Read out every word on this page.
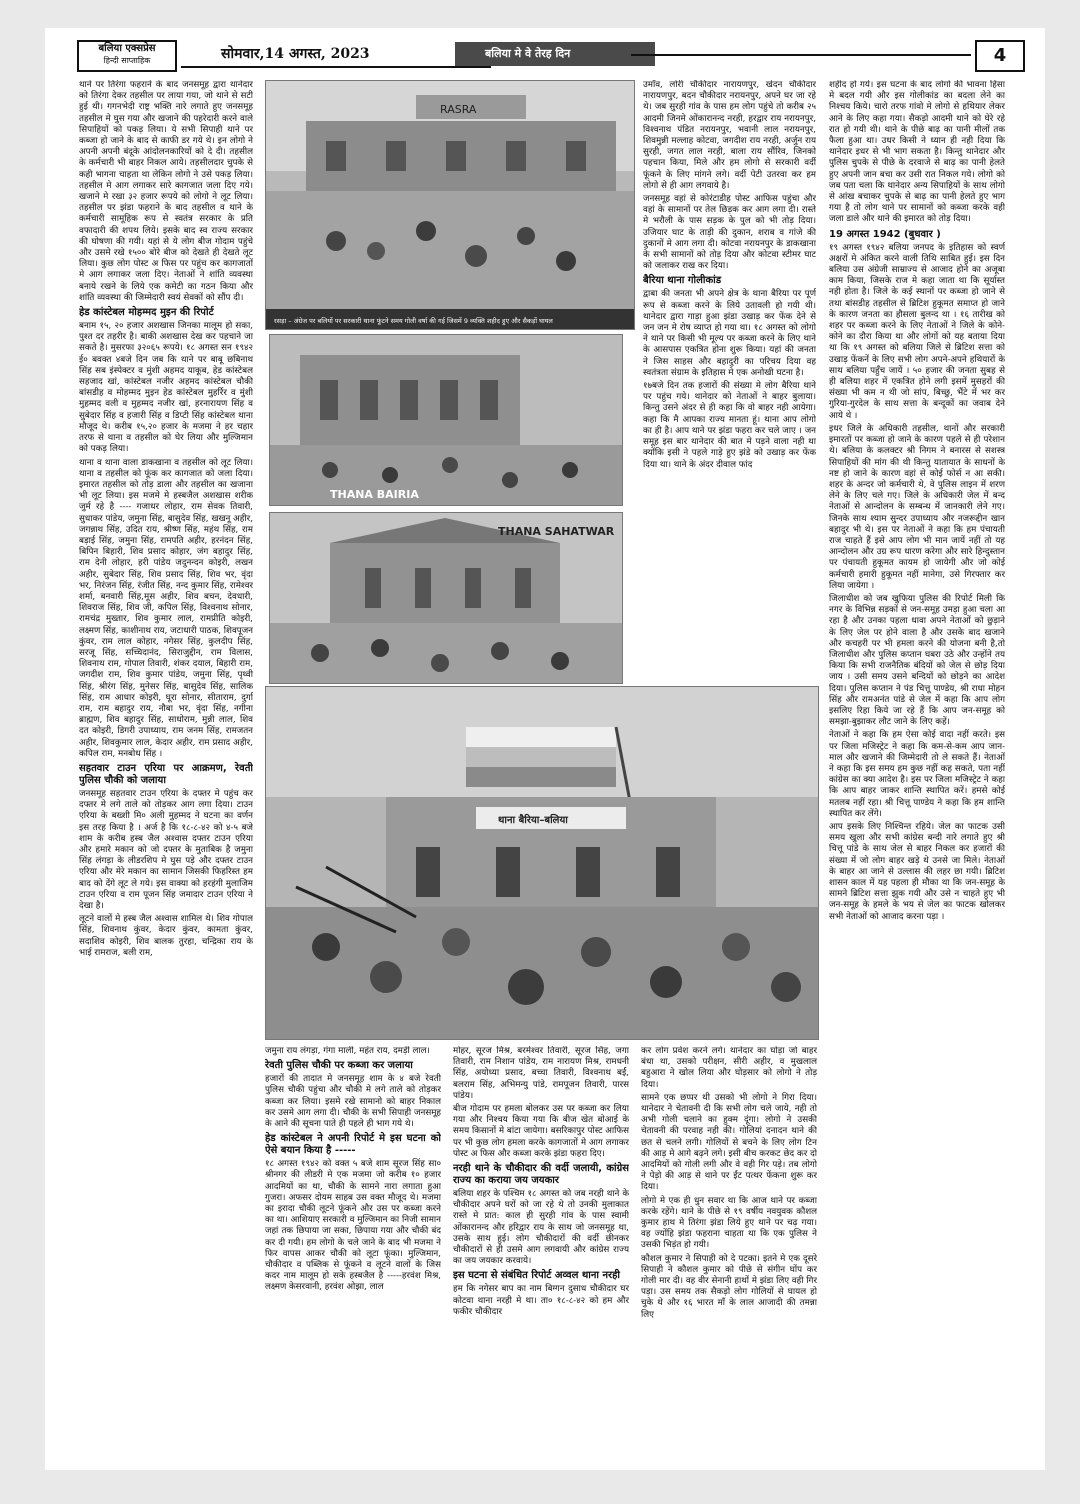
बलिया एक्सप्रेस
हिन्दी साप्ताहिक	सोमवार,14 अगस्त, 2023	बलिया मे वे तेरह दिन	4

थाने पर तिरंगा फहराने के बाद जनसमूह द्वारा थानेदार को तिरंगा देकर तहसील पर लाया गया, जो थाने से सटी हुई थी। गगनभेदी राष्ट्र भक्ति नारे लगाते हुए जनसमूह तहसील मे घुस गया और खजाने की पहरेदारी करने वाले सिपाहियों को पकड़ लिया। ये सभी सिपाही थाने पर कब्जा हो जाने के बाद से काफी डर गये थे। इन लोगो ने अपनी अपनी बंदूके आंदोलनकारियों को दे दी। तहसील के कर्मचारी भी बाहर निकल आये। तहसीलदार चुपके से कही भागना चाहता था लेकिन लोगो ने उसे पकड़ लिया। तहसील मे आग लगाकर सारे कागजात जला दिए गये। खजाने मे रखा ३२ हजार रूपये को लोगो ने लूट लिया। तहसील पर झंडा फहराने के बाद तहसील व थाने के कर्मचारी सामूहिक रूप से स्वतंत्र सरकार के प्रति वफादारी की शपथ लिये। इसके बाद स्व राज्य सरकार की घोषणा की गयी। यहां से ये लोग बीज गोदाम पहुंचे और उसमे रखे १५०० बोरे बीज को देखते ही देखते लूट लिया। कुछ लोग पोस्ट अ फिस पर पहुंच कर कागजातों मे आग लगाकर जला दिए। नेताओं ने शांति व्यवस्था बनाये रखने के लिये एक कमेटी का गठन किया और शांति व्यवस्था की जिम्मेदारी स्वयं सेवकों को सौंप दी।

हेड कांस्टेबल मोहम्मद मुइन की रिपोर्ट

बनाम १५, २० हजार अशखास जिनका मालूम हो सका, पुश्त दर तहरीर है। बाकी अशखास देख कर पहचाने जा सकते है। मुसरफा ३२०६५ रूपये। १८ अगस्त सन १९४२ ई० बवक्त ४बजे दिन जब कि थाने पर बाबू छबिनाथ सिंह सब इंस्पेक्टर व मुंशी अहमद याकूब, हेड कांस्टेबल सहजाद खां, कांस्टेबल नजीर अहमद कांस्टेबल चौकी बांसडीह व मोहम्मद मुइन हेड कांस्टेबल मुहर्रिर व मुंशी मुहम्मद वली व मुहम्मद नजीर खां, हरनारायण सिंह व सुबेदार सिंह व हजारी सिंह व डिप्टी सिंह कांस्टेबल थाना मौजूद थे। करीब १५,२० हजार के मजमा ने हर चहार तरफ से थाना व तहसील को घेर लिया और मुल्जिमान को पकड़ लिया।

थाना व थाना वाला डाकखाना व तहसील को लूट लिया। थाना व तहसील को फूंक कर कागजात को जला दिया। इमारत तहसील को तोड़ डाला और तहसील का खजाना भी लूट लिया। इस मजमे मे हस्बजैल अशखास शरीक जुर्म रहे है ---- गजाधर लोहार, राम सेवक तिवारी, सुधाकर पांडेय, जमुना सिंह, बासुदेव सिंह, खखनू अहीर, जगन्नाथ सिंह, उदित राय, श्रीष्ण सिंह, महंथ सिंह, राम बड़ाई सिंह, जमुना सिंह, रामपति अहीर, हरनंदन सिंह, बिपिन बिहारी, शिव प्रसाद कोहार, जंग बहादुर सिंह, राम देनी लोहार, हरी पांडेय जदुनन्दन कोइरी, लखन अहीर, सुबेदार सिंह, शिव प्रसाद सिंह, शिव भर, वृंदा भर, निरंजन सिंह, रंजीत सिंह, नन्द कुमार सिंह, रामेश्वर शर्मा, बनवारी सिंह,मूस अहीर, शिव बचन, देवधारी, शिवराज सिंह, शिव जी, कपिल सिंह, विश्वनाथ सोनार, रामचंद्र मुख्तार, शिव कुमार लाल, रामप्रीति कोइरी, लक्ष्मण सिंह, काशीनाथ राय, जटाधारी पाठक, शिवपूजन कुंवर, राम लाल कोहार, नगेसर सिंह, कुलदीप सिंह, सरजू सिंह, सच्चिदानंद, सिराजुद्दीन, राम विलास, शिवनाथ राम, गोपाल तिवारी, शंकर दयाल, बिहारी राम, जगदीश राम, शिव कुमार पांडेय, जमुना सिंह, पृथ्वी सिंह, श्रीरंग सिंह, मुनेसर सिंह, बासुदेव सिंह, सालिक सिंह, राम आधार कोइरी, घूरा सोनार, सीताराम, दुर्गा राम, राम बहादुर राय, नौबा भर, वृंदा सिंह, नगीना ब्राह्मण, शिव बहादुर सिंह, साधोराम, मुन्नी लाल, शिव दत कोइरी, डिगरी उपाध्याय, राम जनम सिंह, रामजतन अहीर, शिवकुमार लाल, केदार अहीर, राम प्रसाद अहीर, कपिल राम, मनबोध सिंह ।

सहतवार टाउन एरिया पर आक्रमण, रेवती पुलिस चौकी को जलाया

जनसमूह सहतवार टाउन एरिया के दफ्तर मे पहुंच कर दफ्तर मे लगे ताले को तोड़कर आग लगा दिया। टाउन एरिया के बख्शी मि० अली मुहम्मद ने घटना का वर्णन इस तरह किया है । अर्ज है कि १८-८-४२ को ४-५ बजे शाम के करीब हस्ब जैल अश्वास दफ्तर टाउन एरिया और हमारे मकान को जो दफ्तर के मुताबिक है जमुना सिंह लंगड़ा के लीडरशिप मे घुस पड़े और दफ्तर टाउन एरिया और मेरे मकान का सामान जिसकी फिहरिस्त हम बाद को देंगे लूट ले गये। इस वाक्या को हरहंगी मुलाजिम टाउन एरिया व राम पूजन सिंह जमादार टाउन एरिया ने देखा है।

लूटने वालों मे हस्ब जैल अश्वास शामिल थे। शिव गोपाल सिंह, शिवनाथ कुंवर, केदार कुंवर, कामता कुंवर, सदाशिव कोइरी, शिव बालक तुरहा, चन्द्रिका राय के भाई रामराज, बली राम,

RASRA
रसड़ा – अंग्रेज पर बलियों पर सरकारी थाना फूंटने समय गोली वर्षा की गई जिसमें 9 व्यक्ति शहीद हुए और सैकड़ों घायल
THANA BAIRIA
THANA SAHATWAR

उमाँव, लोरी चौकीदार नारायणपुर, खेदन चौकीदार नारायणपुर, बदन चौकीदार नरायनपुर, अपने घर जा रहे थे। जब सुरही गांव के पास हम लोग पहुंचे तो करीब २५ आदमी जिनमे ओंकारानन्द नरही, हरद्वार राय नरायनपुर, विश्वनाथ पंडित नरायनपुर, भवानी लाल नरायनपुर, शिवमुन्नी मल्लाह कोटवा, जगदीश राय नरही, अर्जुन राय सुरही, जगत लाल नरही, बाला राय सौंरिव, जिनको पहचान किया, मिले और हम लोगो से सरकारी वर्दी फूंकने के लिए मांगने लगे। वर्दी पेटी उतरवा कर हम लोगो से ही आग लगवाये है।

जनसमूह वहां से कोरंटाडीह पोस्ट आफिस पहुंचा और वहां के सामानों पर तेल छिड़क कर आग लगा दी। रास्ते मे भरौली के पास सड़क के पुल को भी तोड़ दिया। उजियार घाट के ताड़ी की दुकान, शराब व गांजे की दुकानों मे आग लगा दी। कोटवा नरायनपुर के डाकखाना के सभी सामानों को तोड़ दिया और कोटवा स्टीमर घाट को जलाकर राख कर दिया।

बैरिया थाना गोलीकांड

द्वाबा की जनता भी अपने क्षेत्र के थाना बैरिया पर पूर्ण रूप से कब्जा करने के लिये उतावली हो गयी थी। थानेदार द्वारा गाड़ा हुआ झंडा उखाड़ कर फेंक देने से जन जन मे रोष व्याप्त हो गया था। १८ अगस्त को लोगो ने थाने पर किसी भी मूल्य पर कब्जा करने के लिए थाने के आसपास एकत्रित होना शुरू किया। यहां की जनता ने जिस साहस और बहादुरी का परिचय दिया वह स्वतंत्रता संग्राम के इतिहास मे एक अनोखी घटना है।

१७बजे दिन तक हजारों की संख्या मे लोग बैरिया थाने पर पहुंच गये। थानेदार को नेताओं ने बाहर बुलाया। किन्तु उसने अंदर से ही कहा कि वो बाहर नही आयेगा। कहा कि मै आपका राज्य मानता हूं। थाना आप लोगो का ही है। आप थाने पर झंडा फहरा कर चले जाए । जन समूह इस बार थानेदार की बात मे पड़ने वाला नही था क्योंकि इसी ने पहले गाड़े हुए झंडे को उखाड़ कर फेंक दिया था। थाने के अंदर दीवाल फांद

शहीद हो गये। इस घटना के बाद लोगो की भावना हिंसा मे बदल गयी और इस गोलीकांड का बदला लेने का निश्चय किये। चारो तरफ गांवो मे लोगो से हथियार लेकर आने के लिए कहा गया। सैकड़ो आदमी थाने को घेरे रहे रात हो गयी थी। थाने के पीछे बाढ़ का पानी मीलों तक फैला हुआ था। उधर किसी ने ध्यान ही नही दिया कि थानेदार इधर से भी भाग सकता है। किन्तु थानेदार और पुलिस चुपके से पीछे के दरवाजे से बाढ़ का पानी हेलते हुए अपनी जान बचा कर उसी रात निकल गये। लोगो को जब पता चला कि थानेदार अन्य सिपाहियों के साथ लोगो से आंख बचाकर चुपके से बाढ़ का पानी हेलते हुए भाग गया है तो लोग थाने पर सामानों को कब्जा करके वही जला डाले और थाने की इमारत को तोड़ दिया।

19 अगस्त 1942 (बुधवार )

१९ अगस्त १९४२ बलिया जनपद के इतिहास को स्वर्ण अक्षरों मे अंकित करने वाली तिथि साबित हुई। इस दिन बलिया उस अंग्रेजी साम्राज्य से आजाद होने का अजूबा काम किया, जिसके राज मे कहा जाता था कि सूर्यास्त नही होता है। जिले के कई स्थानों पर कब्जा हो जाने से तथा बांसडीह तहसील से ब्रिटिश हुकूमत समाप्त हो जाने के कारण जनता का हौसला बुलन्द था । १६ तारीख को शहर पर कब्जा करने के लिए नेताओं ने जिले के कोने-कोने का दौरा किया था और लोगों को यह बताया दिया था कि १९ अगस्त को बलिया जिले से ब्रिटिश सत्ता को उखाड़ फेंकनें के लिए सभी लोग अपने-अपने हथियारों के साथ बलिया पहुँच जायें । ५० हजार की जनता सुबह से ही बलिया शहर में एकत्रित होने लगी इसमें मुसहरों की संख्या भी कम न थी जो सांप, बिच्छु, भैंटे में भर कर गुरिया-गुरदेल के साथ सत्ता के बन्दूकों का जवाब देने आये थे ।

इधर जिले के अधिकारी तहसील, थानों और सरकारी इमारतों पर कब्जा हो जाने के कारण पहले से ही परेशान थे। बलिया के कलक्टर श्री निगम ने बनारस से सशस्त्र सिपाहियों की मांग की थी किन्तु यातायात के साधनों के नष्ट हो जाने के कारण वहां से कोई फोर्स न आ सकी। शहर के अन्दर जो कर्मचारी थे, वे पुलिस लाइन में शरण लेने के लिए चले गए। जिले के अधिकारी जेल में बन्द नेताओं से आन्दोलन के सम्बन्ध में जानकारी लेने गए। जिनके साथ श्याम सुन्दर उपाध्याय और नजरूद्दीन खान बहादुर भी थे। इस पर नेताओं ने कहा कि हम पंचायती राज चाहते हैं इसे आप लोग भी मान जायें नहीं तो यह आन्दोलन और उग्र रूप धारण करेगा और सारे हिन्दुस्तान पर पंचायती हुकूमत कायम हो जायेगी और जो कोई कर्मचारी हमारी हुकूमत नहीं मानेगा, उसे गिरफ्तार कर लिया जायेगा ।

जिलाधीश को जब खुफिया पुलिस की रिपोर्ट मिली कि नगर के विभिन्न सड़कों से जन-समूह उमड़ा हुआ चला आ रहा है और उनका पहला धावा अपने नेताओं को छुड़ाने के लिए जेल पर होने वाला है और उसके बाद खजाने और कचहरी पर भी हमला करने की योजना बनी है,तो जिलाधीश और पुलिस कप्तान घबरा उठे और उन्होंने तय किया कि सभी राजनैतिक बंदियों को जेल से छोड़ दिया जाय । उसी समय उसने बन्दियों को छोड़ने का आदेश दिया। पुलिस कप्तान ने पंड चित्तू पाण्डेय, श्री राधा मोहन सिंह और रामअनंत पांडे से जेल में कहा कि आप लोग इसलिए रिहा किये जा रहे हैं कि आप जन-समूह को समझा-बुझाकर लौट जाने के लिए कहें।

नेताओं ने कहा कि हम ऐसा कोई वादा नहीं करते। इस पर जिला मजिस्ट्रेट ने कहा कि कम-से-कम आप जान-माल और खजाने की जिम्मेदारी तो ले सकते हैं। नेताओं ने कहा कि इस समय हम कुछ नहीं कह सकते, पता नहीं कांग्रेस का क्या आदेश है। इस पर जिला मजिस्ट्रेट ने कहा कि आप बाहर जाकर शान्ति स्थापित करें। हमसे कोई मतलब नहीं रहा। श्री चित्तू पाण्डेय ने कहा कि हम शान्ति स्थापित कर लेंगे।

आप इसके लिए निश्चिन्त रहिये। जेल का फाटक उसी समय खुला और सभी कांग्रेस बन्दी नारे लगाते हुए श्री चित्तू पांडे के साथ जेल से बाहर निकल कर हजारों की संख्या में जो लोग बाहर खड़े थे उनसे जा मिले। नेताओं के बाहर आ जाने से उल्लास की लहर छा गयी। ब्रिटिश शासन काल में यह पहला ही मौका था कि जन-समूह के सामने ब्रिटिश सत्ता झुक गयी और उसे न चाहते हुए भी जन-समूह के हमले के भय से जेल का फाटक खोलकर सभी नेताओं को आजाद करना पड़ा ।

थाना बैरिया–बलिया

जमुना राय लंगड़ा, गंगा माली, महंत राय, दमड़ी लाल।

रेवती पुलिस चौकी पर कब्जा कर जलाया

हजारों की तादात मे जनसमूह शाम के ४ बजे रेवती पुलिस चौकी पहुंचा और चौकी मे लगे ताले को तोड़कर कब्जा कर लिया। इसमे रखे सामानो को बाहर निकाल कर उसमे आग लगा दी। चौकी के सभी सिपाही जनसमूह के आने की सूचना पाते ही पहले ही भाग गये थे।

हेड कांस्टेबल ने अपनी रिपोर्ट मे इस घटना को ऐसे बयान किया है -----

१८ अगस्त १९४२ को वक्त ५ बजे शाम सूरज सिंह सा० श्रीनगर की लीडरी मे एक मजमा जो करीब १० हजार आदमियों का था, चौकी के सामने नारा लगाता हुआ गुजरा। अफसर दोयम साहब उस वक्त मौजूद थे। मजमा का इरादा चौकी लूटने फूंकने और उस पर कब्जा करने का था। आशियाए सरकारी व मुल्जिमान का निजी सामान जहां तक छिपाया जा सका, छिपाया गया और चौकी बंद कर दी गयी। हम लोगो के चले जाने के बाद भी मजमा ने फिर वापस आकर चौकी को लूटा फूंका। मुल्जिमान, चौकीदार व पब्लिक से फूंकने व लूटने वालों के जिस कदर नाम मालूम हो सके हस्बजैल है -----हरवंश मिश्र, लक्ष्मण केसरवानी, हरवंश ओझा, लाल

मोहर, सूरज मिश्र, बरमेश्वर तिवारी, सूरज सिंह, जगा तिवारी, राम निशान पांडेय, राम नारायण मिश्र, रामधनी सिंह, अयोध्या प्रसाद, बच्चा तिवारी, विश्वनाथ बर्ई, बलराम सिंह, अभिमन्यु पांडे, रामपूजन तिवारी, पारस पांडेय।

बीज गोदाम पर हमला बोलकर उस पर कब्जा कर लिया गया और निश्चय किया गया कि बीज खेत बोआई के समय किसानों मे बांटा जायेगा। बसरिकापुर पोस्ट आफिस पर भी कुछ लोग हमला करके कागजातों मे आग लगाकर पोस्ट अ फिस और कब्जा करके झंडा फहरा दिए।

नरही थाने के चौकीदार की वर्दी जलायी, कांग्रेस राज्य का कराया जय जयकार

बलिया शहर के पश्चिम १८ अगस्त को जब नरही थाने के चौकीदार अपने घरों को जा रहे थे तो उनकी मुलाकात रास्ते मे प्रात: काल ही सुरही गांव के पास स्वामी ओंकारानन्द और हरिद्वार राय के साथ जो जनसमूह था, उसके साथ हुई। लोग चौकीदारों की वर्दी छीनकर चौकीदारों से ही उसमे आग लगवायी और कांग्रेस राज्य का जय जयकार करवाये।

इस घटना से संबंधित रिपोर्ट अव्वल थाना नरही

हम कि नगेसर बाप का नाम बिग्गन दुसाध चौकीदार घर कोटवा थाना नरही मे था। ता० १८-८-४२ को हम और फकीर चौकीदार

कर लोग प्रवेश करने लगे। थानेदार का घोड़ा जो बाहर बंधा था, उसको परीक्षन, सीरी अहीर, व मुखलाल बहुआरा ने खोल लिया और घोड़सार को लोगो ने तोड़ दिया।

सामने एक छप्पर थी उसको भी लोगो ने गिरा दिया। थानेदार ने चेतावनी दी कि सभी लोग चले जाये, नही तो अभी गोली चलाने का हुक्म दूंगा। लोगो ने उसकी चेतावनी की परवाह नही की। गोलियां दनादन थाने की छत से चलने लगी। गोलियों से बचने के लिए लोग टिन की आड़ मे आगे बढ़ने लगे। इसी बीच करकट छेद कर दो आदमियों को गोली लगी और वे वही गिर पड़े। तब लोगो ने पेड़ो की आड़ से थाने पर ईंट पत्थर फेंकना शुरू कर दिया।

लोगो मे एक ही धुन सवार था कि आज थाने पर कब्जा करके रहेंगे। थाने के पीछे से १९ वर्षीय नवयुवक कौशल कुमार हाथ मे तिरंगा झंडा लिये हुए थाने पर चढ़ गया। वह ज्योंहि झंडा फहराना चाहता था कि एक पुलिस ने उसकी भिड़ंत हो गयी।

कौशल कुमार ने सिपाही को दे पटका। इतने मे एक दूसरे सिपाही ने कौशल कुमार को पीछे से संगीन घोंप कर गोली मार दी। वह वीर सेनानी हाथों मे झंडा लिए वही गिर पड़ा। उस समय तक सैकड़ो लोग गोलियों से घायल हो चुके थे और १६ भारत माँ के लाल आजादी की तमन्ना लिए
